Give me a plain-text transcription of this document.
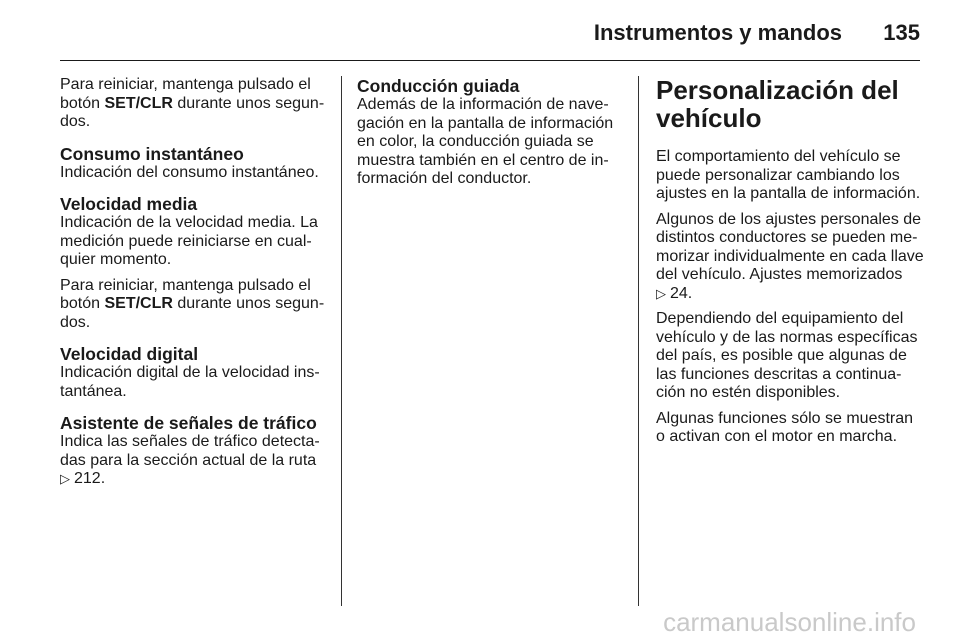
Instrumentos y mandos 135

Para reiniciar, mantenga pulsado el botón SET/CLR durante unos segun-dos.

Consumo instantáneo

Indicación del consumo instantáneo.

Velocidad media

Indicación de la velocidad media. La medición puede reiniciarse en cual-quier momento.

Para reiniciar, mantenga pulsado el botón SET/CLR durante unos segun-dos.

Velocidad digital

Indicación digital de la velocidad ins-tantánea.

Asistente de señales de tráfico

Indica las señales de tráfico detecta-das para la sección actual de la ruta
▷ 212.

Conducción guiada

Además de la información de nave-gación en la pantalla de información en color, la conducción guiada se muestra también en el centro de in-formación del conductor.

Personalización del vehículo

El comportamiento del vehículo se puede personalizar cambiando los ajustes en la pantalla de información.

Algunos de los ajustes personales de distintos conductores se pueden me-morizar individualmente en cada llave del vehículo. Ajustes memorizados
▷ 24.

Dependiendo del equipamiento del vehículo y de las normas específicas del país, es posible que algunas de las funciones descritas a continua-ción no estén disponibles.

Algunas funciones sólo se muestran o activan con el motor en marcha.

carmanualsonline.info
